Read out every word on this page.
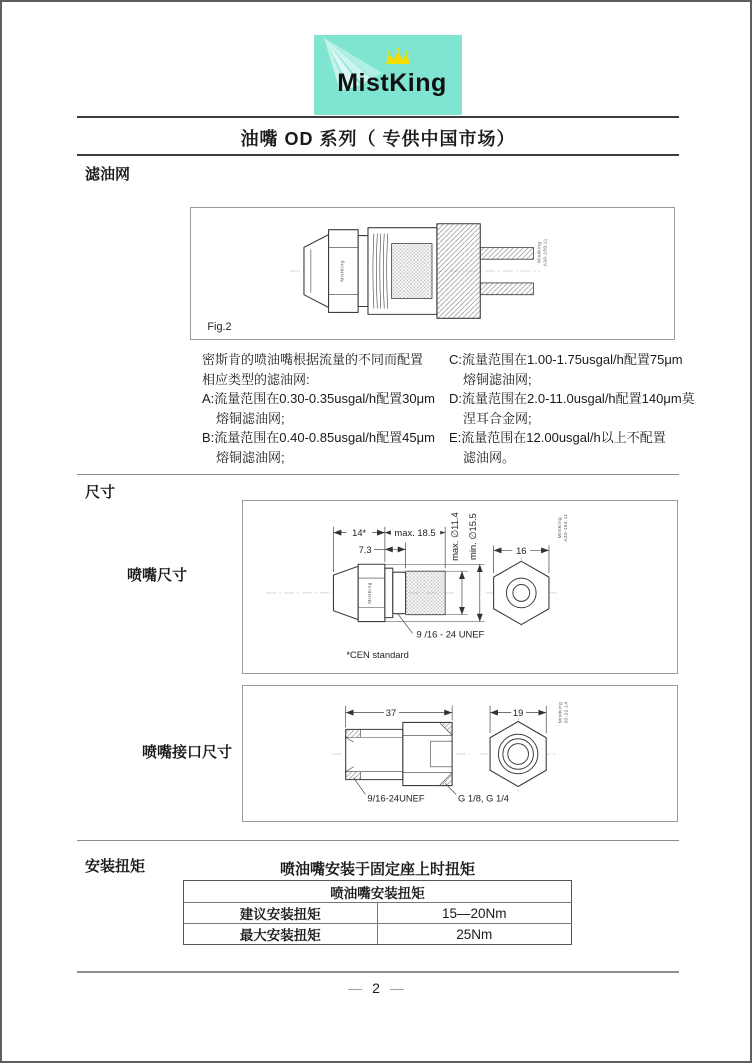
MistKing
油嘴 OD 系列（ 专供中国市场）
滤油网
MistKing
MistKing A30-159.11
Fig.2
密斯肯的喷油嘴根据流量的不同而配置
相应类型的滤油网:
A:流量范围在0.30-0.35usgal/h配置30μm
熔铜滤油网;
B:流量范围在0.40-0.85usgal/h配置45μm
熔铜滤油网;
C:流量范围在1.00-1.75usgal/h配置75μm
熔铜滤油网;
D:流量范围在2.0-11.0usgal/h配置140μm莫
涅耳合金网;
E:流量范围在12.00usgal/h以上不配置
滤油网。
尺寸
喷嘴尺寸
14*	max. 18.5
7.3	max. ∅11.4 min. ∅15.5	16
9 /16 - 24 UNEF
*CEN standard
MistKing
MistKing A30-164.11
喷嘴接口尺寸
37	19
9/16-24UNEF	G 1/8, G 1/4
MistKing 30-22.14
安装扭矩	喷油嘴安装于固定座上时扭矩
喷油嘴安装扭矩
建议安装扭矩	15—20Nm
最大安装扭矩	25Nm
— 2 —
